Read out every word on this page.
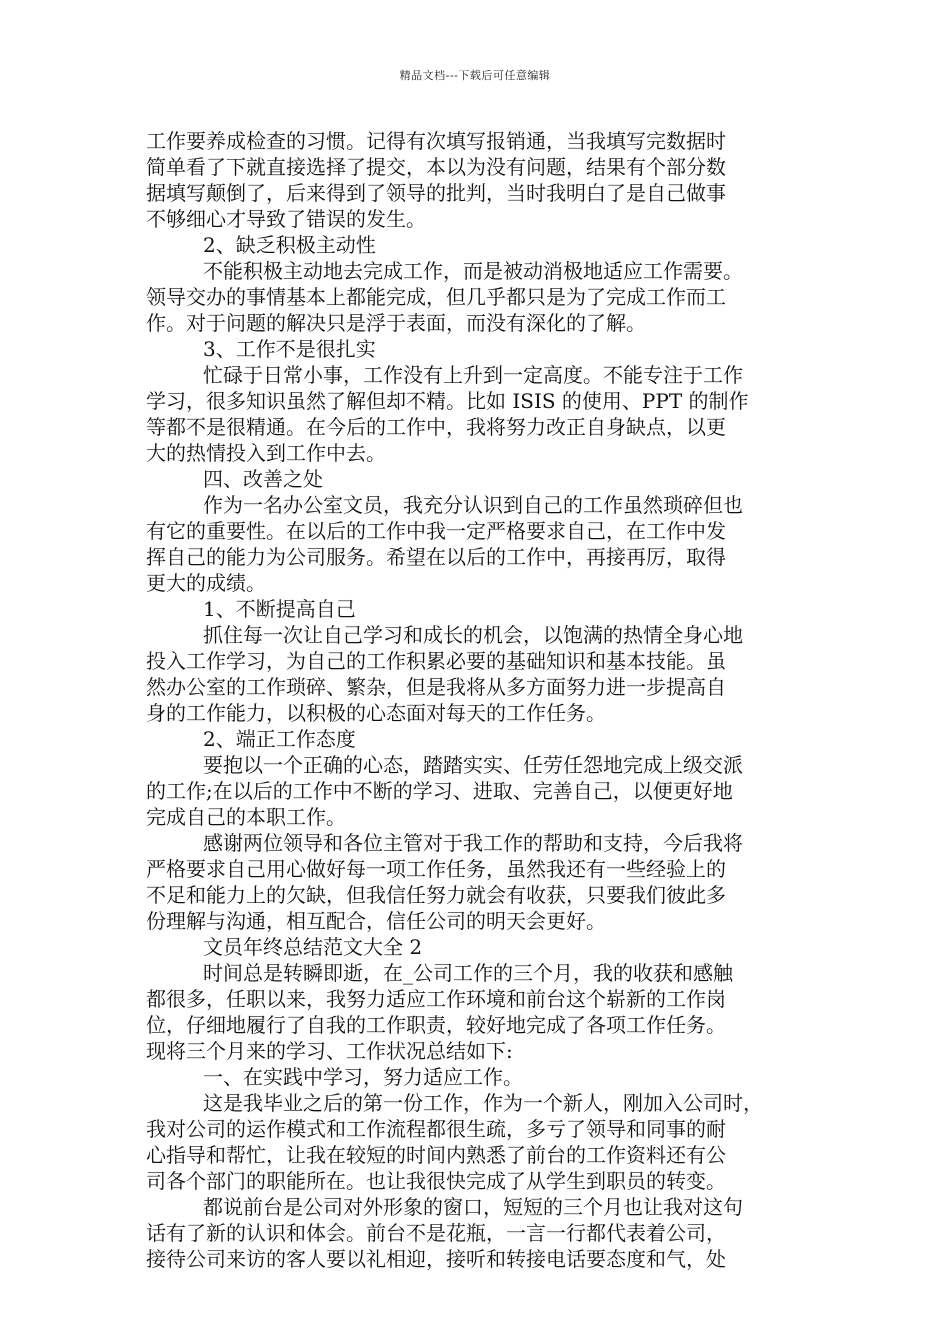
精品文档---下载后可任意编辑
工作要养成检查的习惯。记得有次填写报销通，当我填写完数据时
简单看了下就直接选择了提交，本以为没有问题，结果有个部分数
据填写颠倒了，后来得到了领导的批判，当时我明白了是自己做事
不够细心才导致了错误的发生。
2、缺乏积极主动性
不能积极主动地去完成工作，而是被动消极地适应工作需要。
领导交办的事情基本上都能完成，但几乎都只是为了完成工作而工
作。对于问题的解决只是浮于表面，而没有深化的了解。
3、工作不是很扎实
忙碌于日常小事，工作没有上升到一定高度。不能专注于工作
学习，很多知识虽然了解但却不精。比如 ISIS 的使用、PPT 的制作
等都不是很精通。在今后的工作中，我将努力改正自身缺点，以更
大的热情投入到工作中去。
四、改善之处
作为一名办公室文员，我充分认识到自己的工作虽然琐碎但也
有它的重要性。在以后的工作中我一定严格要求自己，在工作中发
挥自己的能力为公司服务。希望在以后的工作中，再接再厉，取得
更大的成绩。
1、不断提高自己
抓住每一次让自己学习和成长的机会，以饱满的热情全身心地
投入工作学习，为自己的工作积累必要的基础知识和基本技能。虽
然办公室的工作琐碎、繁杂，但是我将从多方面努力进一步提高自
身的工作能力，以积极的心态面对每天的工作任务。
2、端正工作态度
要抱以一个正确的心态，踏踏实实、任劳任怨地完成上级交派
的工作;在以后的工作中不断的学习、进取、完善自己，以便更好地
完成自己的本职工作。
感谢两位领导和各位主管对于我工作的帮助和支持，今后我将
严格要求自己用心做好每一项工作任务，虽然我还有一些经验上的
不足和能力上的欠缺，但我信任努力就会有收获，只要我们彼此多
份理解与沟通，相互配合，信任公司的明天会更好。
文员年终总结范文大全 2
时间总是转瞬即逝，在_公司工作的三个月，我的收获和感触
都很多，任职以来，我努力适应工作环境和前台这个崭新的工作岗
位，仔细地履行了自我的工作职责，较好地完成了各项工作任务。
现将三个月来的学习、工作状况总结如下:
一、在实践中学习，努力适应工作。
这是我毕业之后的第一份工作，作为一个新人，刚加入公司时，
我对公司的运作模式和工作流程都很生疏，多亏了领导和同事的耐
心指导和帮忙，让我在较短的时间内熟悉了前台的工作资料还有公
司各个部门的职能所在。也让我很快完成了从学生到职员的转变。
都说前台是公司对外形象的窗口，短短的三个月也让我对这句
话有了新的认识和体会。前台不是花瓶，一言一行都代表着公司，
接待公司来访的客人要以礼相迎，接听和转接电话要态度和气，处
